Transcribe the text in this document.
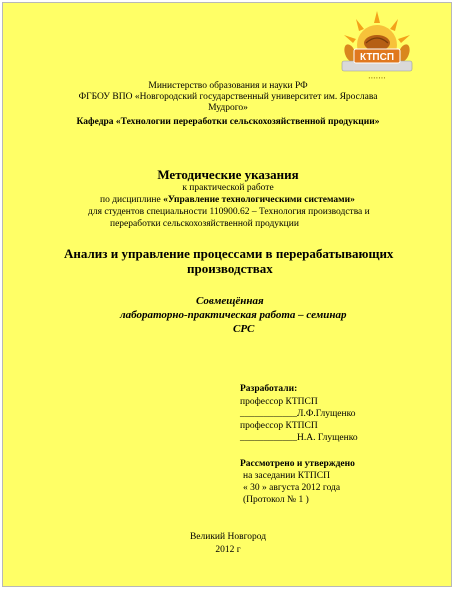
КТПСП
▪ ▪ ▪ ▪ ▪ ▪ ▪
Министерство образования и науки РФ
ФГБОУ ВПО «Новгородский государственный университет им. Ярослава
Мудрого»
Кафедра «Технологии переработки сельскохозяйственной продукции»
Методические указания
к практической работе
по дисциплине «Управление технологическими системами»
для студентов специальности 110900.62 – Технология производства и
переработки сельскохозяйственной продукции
Анализ и управление процессами в перерабатывающих
производствах
Совмещённая
лабораторно-практическая работа – семинар
СРС
Разработали:
профессор КТПСП
____________Л.Ф.Глущенко
профессор КТПСП
____________Н.А. Глущенко
Рассмотрено и утверждено
на заседании КТПСП
« 30 » августа 2012 года
(Протокол № 1 )
Великий Новгород
2012 г
